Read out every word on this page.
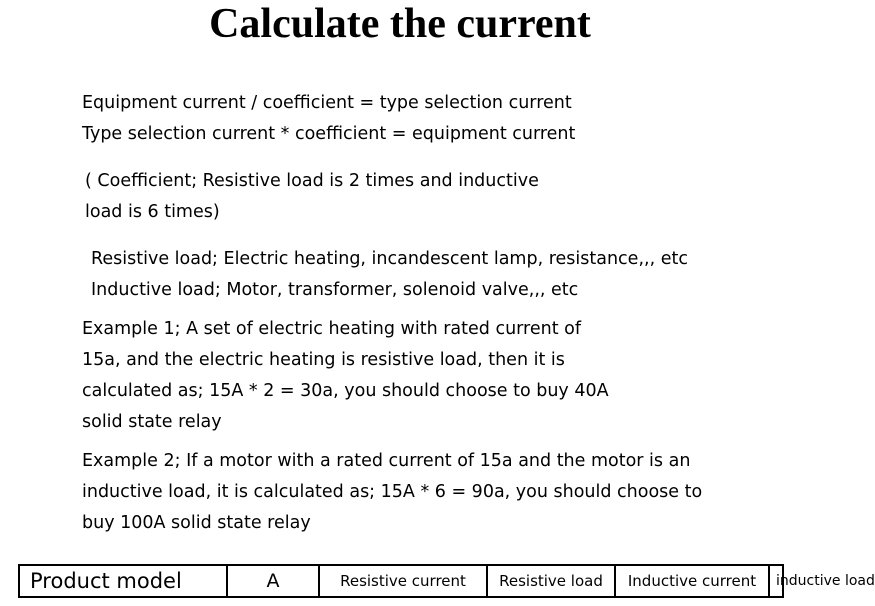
Calculate the current
Equipment current / coefficient = type selection current
Type selection current * coefficient = equipment current
( Coefficient; Resistive load is 2 times and inductive
load is 6 times)
Resistive load; Electric heating, incandescent lamp, resistance,,, etc
Inductive load; Motor, transformer, solenoid valve,,, etc
Example 1; A set of electric heating with rated current of
15a, and the electric heating is resistive load, then it is
calculated as; 15A * 2 = 30a, you should choose to buy 40A
solid state relay
Example 2; If a motor with a rated current of 15a and the motor is an
inductive load, it is calculated as; 15A * 6 = 90a, you should choose to
buy 100A solid state relay
Product model	A	Resistive current	Resistive load	Inductive current	inductive load
